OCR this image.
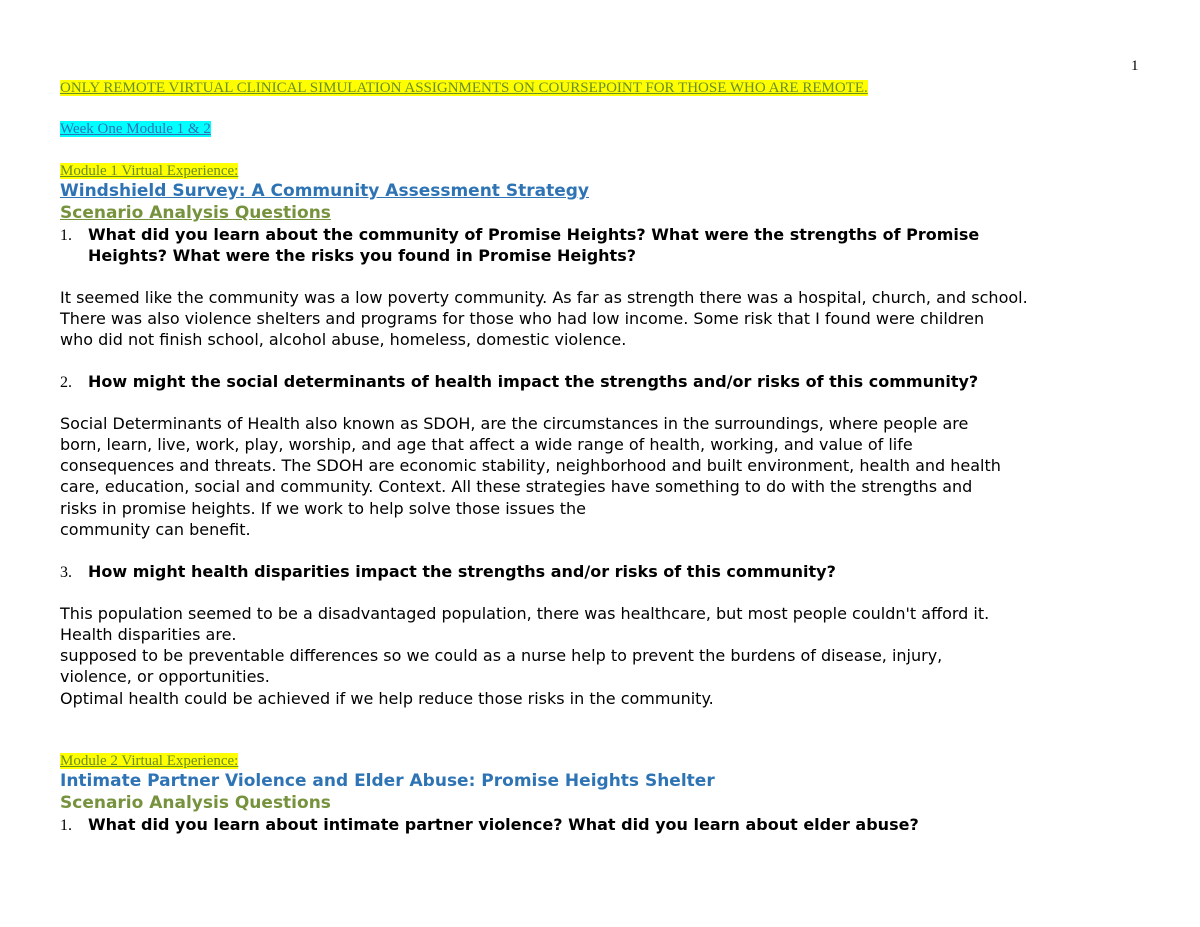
1
ONLY REMOTE VIRTUAL CLINICAL SIMULATION ASSIGNMENTS ON COURSEPOINT FOR THOSE WHO ARE REMOTE.
Week One Module 1 & 2
Module 1 Virtual Experience:
Windshield Survey: A Community Assessment Strategy
Scenario Analysis Questions
1. What did you learn about the community of Promise Heights? What were the strengths of Promise
Heights? What were the risks you found in Promise Heights?
It seemed like the community was a low poverty community. As far as strength there was a hospital, church, and school.
There was also violence shelters and programs for those who had low income. Some risk that I found were children
who did not finish school, alcohol abuse, homeless, domestic violence.
2. How might the social determinants of health impact the strengths and/or risks of this community?
Social Determinants of Health also known as SDOH, are the circumstances in the surroundings, where people are
born, learn, live, work, play, worship, and age that affect a wide range of health, working, and value of life
consequences and threats. The SDOH are economic stability, neighborhood and built environment, health and health
care, education, social and community. Context. All these strategies have something to do with the strengths and
risks in promise heights. If we work to help solve those issues the
community can benefit.
3. How might health disparities impact the strengths and/or risks of this community?
This population seemed to be a disadvantaged population, there was healthcare, but most people couldn't afford it.
Health disparities are.
supposed to be preventable differences so we could as a nurse help to prevent the burdens of disease, injury,
violence, or opportunities.
Optimal health could be achieved if we help reduce those risks in the community.
Module 2 Virtual Experience:
Intimate Partner Violence and Elder Abuse: Promise Heights Shelter
Scenario Analysis Questions
1. What did you learn about intimate partner violence? What did you learn about elder abuse?
